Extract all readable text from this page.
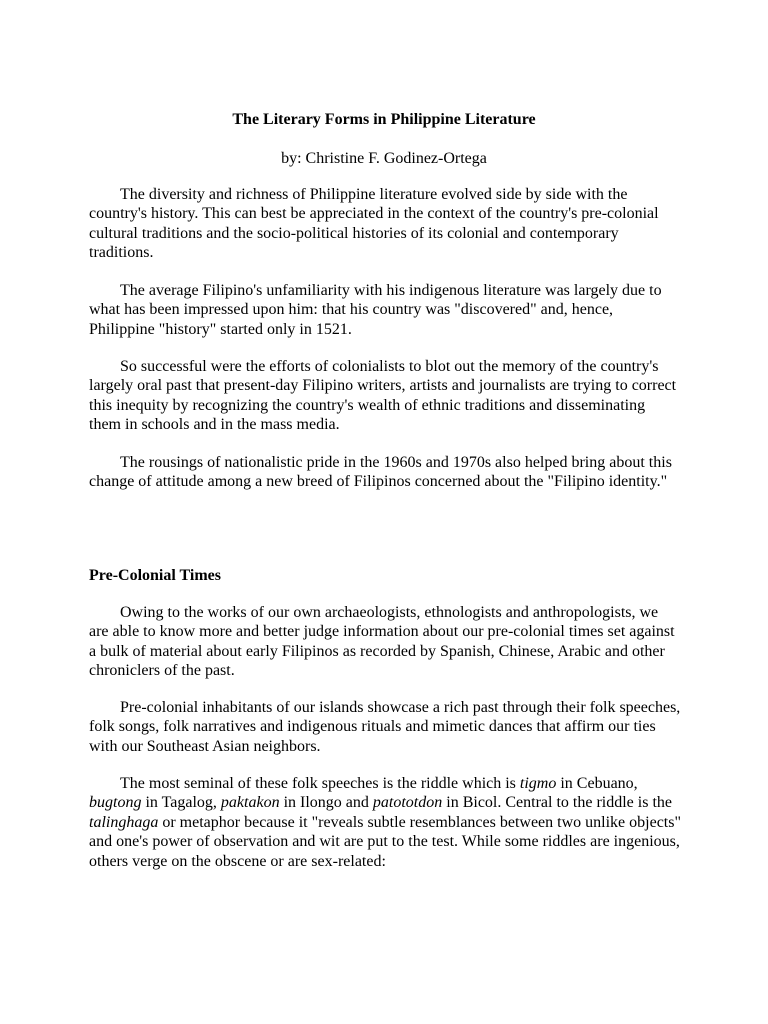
The Literary Forms in Philippine Literature

by: Christine F. Godinez-Ortega

The diversity and richness of Philippine literature evolved side by side with the country's history. This can best be appreciated in the context of the country's pre-colonial cultural traditions and the socio-political histories of its colonial and contemporary traditions.

The average Filipino's unfamiliarity with his indigenous literature was largely due to what has been impressed upon him: that his country was "discovered" and, hence, Philippine "history" started only in 1521.

So successful were the efforts of colonialists to blot out the memory of the country's largely oral past that present-day Filipino writers, artists and journalists are trying to correct this inequity by recognizing the country's wealth of ethnic traditions and disseminating them in schools and in the mass media.

The rousings of nationalistic pride in the 1960s and 1970s also helped bring about this change of attitude among a new breed of Filipinos concerned about the "Filipino identity."

Pre-Colonial Times

Owing to the works of our own archaeologists, ethnologists and anthropologists, we are able to know more and better judge information about our pre-colonial times set against a bulk of material about early Filipinos as recorded by Spanish, Chinese, Arabic and other chroniclers of the past.

Pre-colonial inhabitants of our islands showcase a rich past through their folk speeches, folk songs, folk narratives and indigenous rituals and mimetic dances that affirm our ties with our Southeast Asian neighbors.

The most seminal of these folk speeches is the riddle which is tigmo in Cebuano, bugtong in Tagalog, paktakon in Ilongo and patototdon in Bicol. Central to the riddle is the talinghaga or metaphor because it "reveals subtle resemblances between two unlike objects" and one's power of observation and wit are put to the test. While some riddles are ingenious, others verge on the obscene or are sex-related:
